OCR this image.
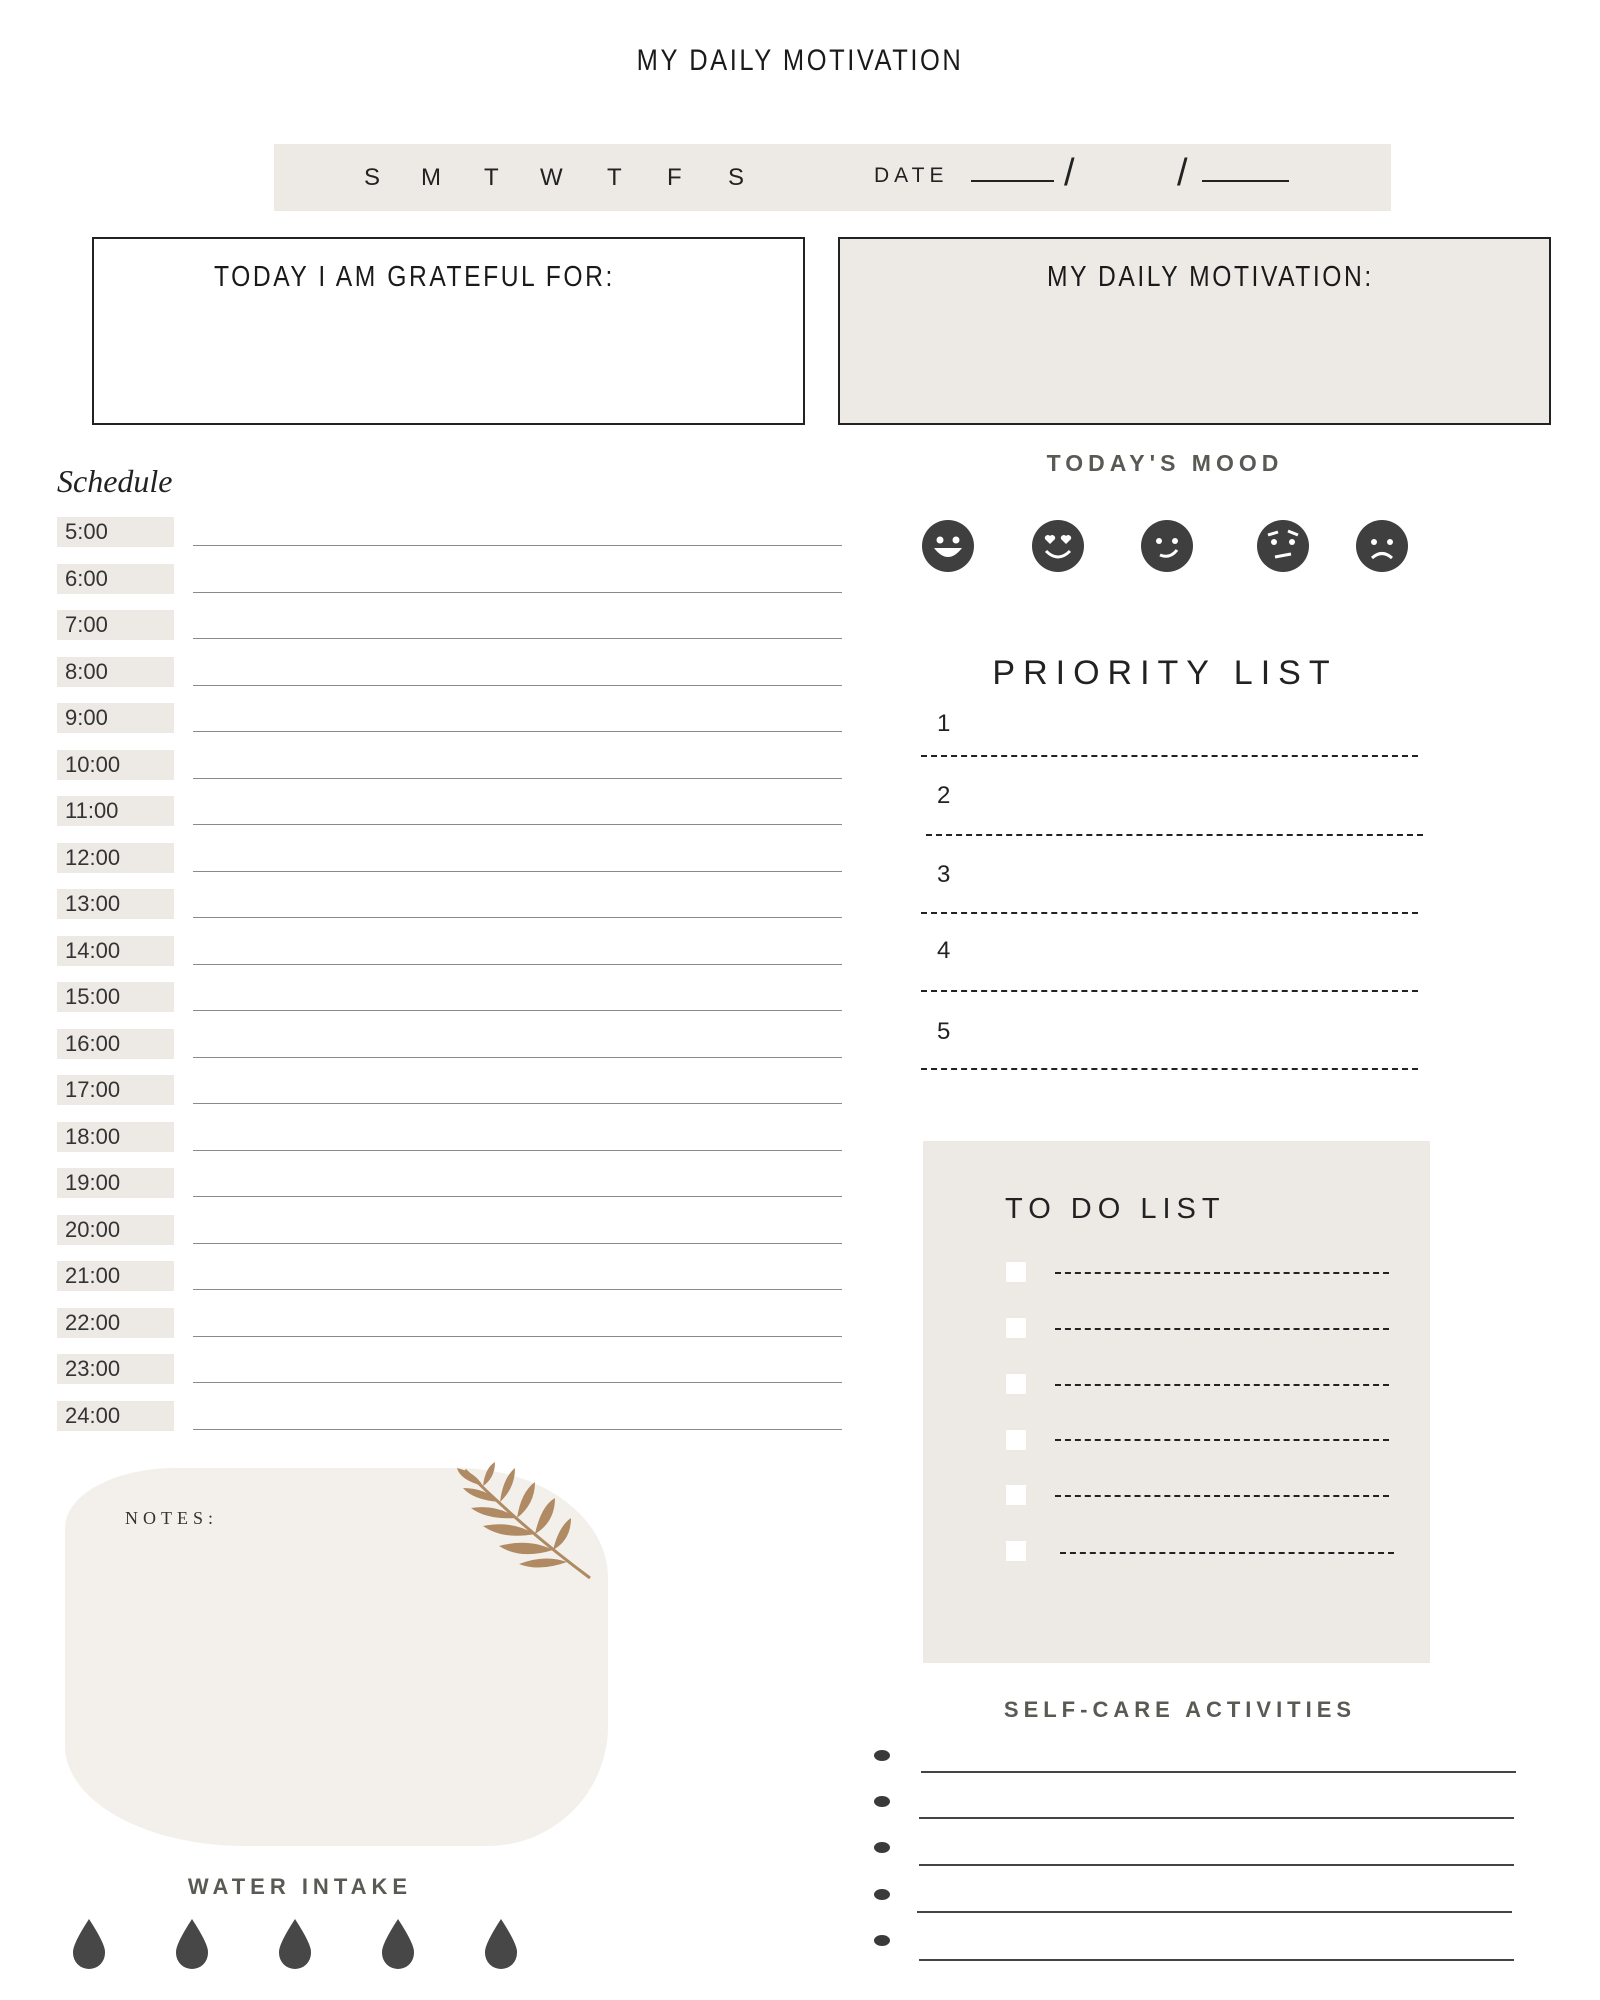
MY DAILY MOTIVATION
S M T W T F S	DATE	/	/
TODAY I AM GRATEFUL FOR:	MY DAILY MOTIVATION:
Schedule
5:00
6:00
7:00
8:00
9:00
10:00
11:00
12:00
13:00
14:00
15:00
16:00
17:00
18:00
19:00
20:00
21:00
22:00
23:00
24:00
TODAY'S MOOD
PRIORITY LIST
1
2
3
4
5
TO DO LIST
NOTES:
WATER INTAKE
SELF-CARE ACTIVITIES
